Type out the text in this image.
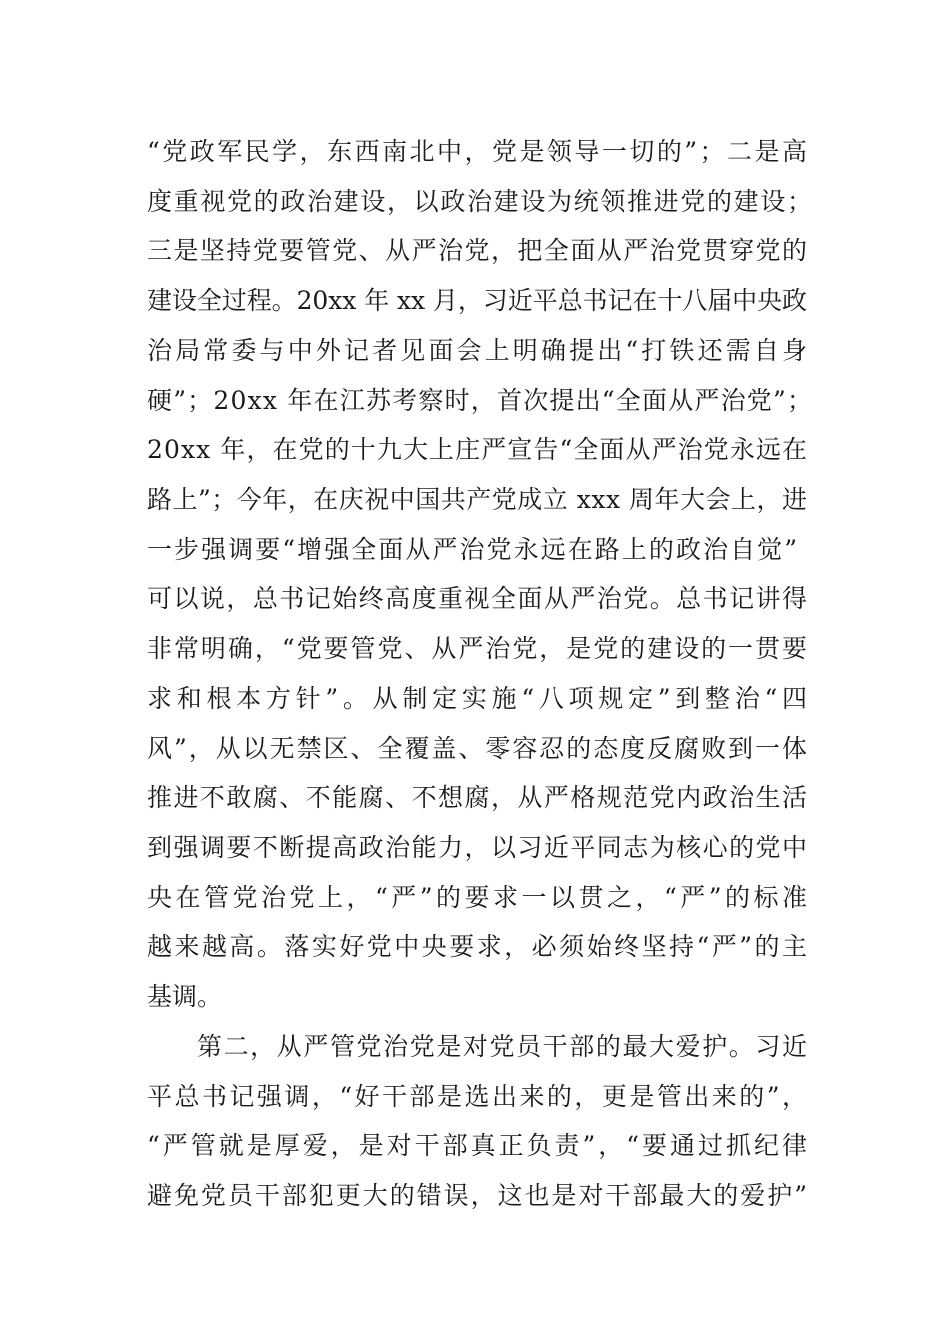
“党政军民学，东西南北中，党是领导一切的”；二是高
度重视党的政治建设，以政治建设为统领推进党的建设；
三是坚持党要管党、从严治党，把全面从严治党贯穿党的
建设全过程。20xx 年 xx 月，习近平总书记在十八届中央政
治局常委与中外记者见面会上明确提出“打铁还需自身
硬”；20xx 年在江苏考察时，首次提出“全面从严治党”；
20xx 年，在党的十九大上庄严宣告“全面从严治党永远在
路上”；今年，在庆祝中国共产党成立 xxx 周年大会上，进
一步强调要“增强全面从严治党永远在路上的政治自觉”
可以说，总书记始终高度重视全面从严治党。总书记讲得
非常明确，“党要管党、从严治党，是党的建设的一贯要
求和根本方针”。从制定实施“八项规定”到整治“四
风”，从以无禁区、全覆盖、零容忍的态度反腐败到一体
推进不敢腐、不能腐、不想腐，从严格规范党内政治生活
到强调要不断提高政治能力，以习近平同志为核心的党中
央在管党治党上，“严”的要求一以贯之，“严”的标准
越来越高。落实好党中央要求，必须始终坚持“严”的主
基调。
第二，从严管党治党是对党员干部的最大爱护。习近
平总书记强调，“好干部是选出来的，更是管出来的”，
“严管就是厚爱，是对干部真正负责”，“要通过抓纪律
避免党员干部犯更大的错误，这也是对干部最大的爱护”
